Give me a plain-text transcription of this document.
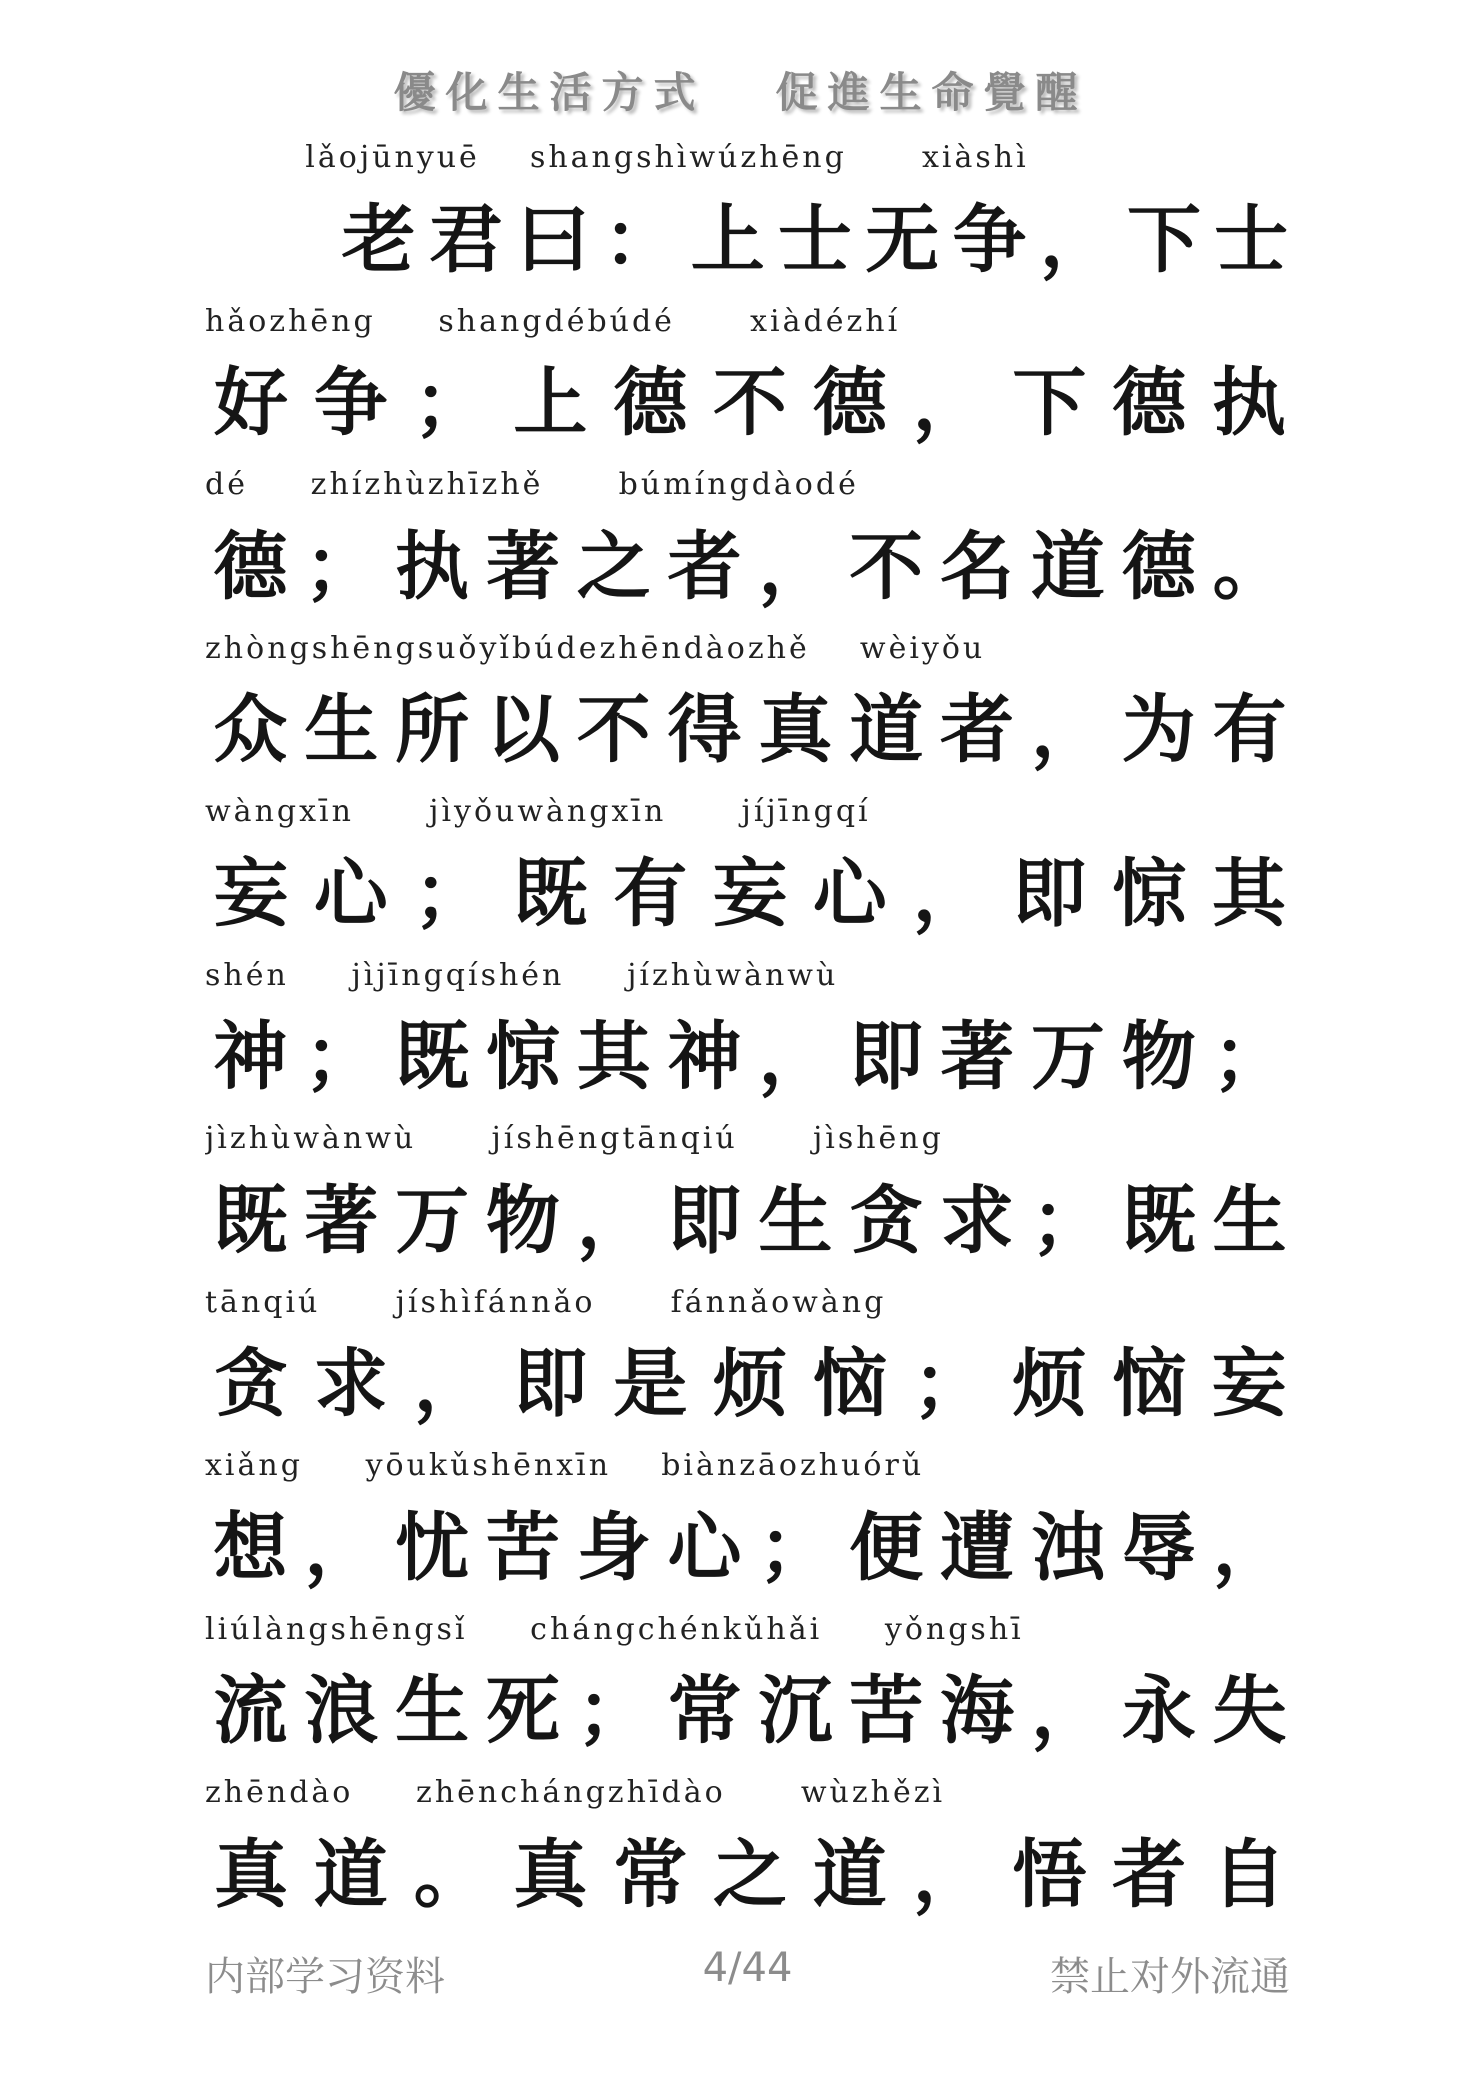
優化生活方式 促進生命覺醒
lǎojūnyuē    shangshìwúzhēng      xiàshì
老 君 曰 ： 上 士 无 争 ， 下 士
hǎozhēng     shangdébúdé      xiàdézhí
好 争 ； 上 德 不 德 ， 下 德 执
dé     zhízhùzhīzhě      búmíngdàodé
德 ； 执 著 之 者 ， 不 名 道 德 。
zhòngshēngsuǒyǐbúdezhēndàozhě    wèiyǒu
众 生 所 以 不 得 真 道 者 ， 为 有
wàngxīn      jìyǒuwàngxīn      jíjīngqí
妄 心 ； 既 有 妄 心 ， 即 惊 其
shén     jìjīngqíshén     jízhùwànwù
神 ； 既 惊 其 神 ， 即 著 万 物 ；
jìzhùwànwù      jíshēngtānqiú      jìshēng
既 著 万 物 ， 即 生 贪 求 ； 既 生
tānqiú      jíshìfánnǎo      fánnǎowàng
贪 求 ， 即 是 烦 恼 ； 烦 恼 妄
xiǎng     yōukǔshēnxīn    biànzāozhuórǔ
想 ， 忧 苦 身 心 ； 便 遭 浊 辱 ，
liúlàngshēngsǐ     chángchénkǔhǎi     yǒngshī
流 浪 生 死 ； 常 沉 苦 海 ， 永 失
zhēndào     zhēnchángzhīdào      wùzhězì
真 道 。 真 常 之 道 ， 悟 者 自
内部学习资料	4/44	禁止对外流通
